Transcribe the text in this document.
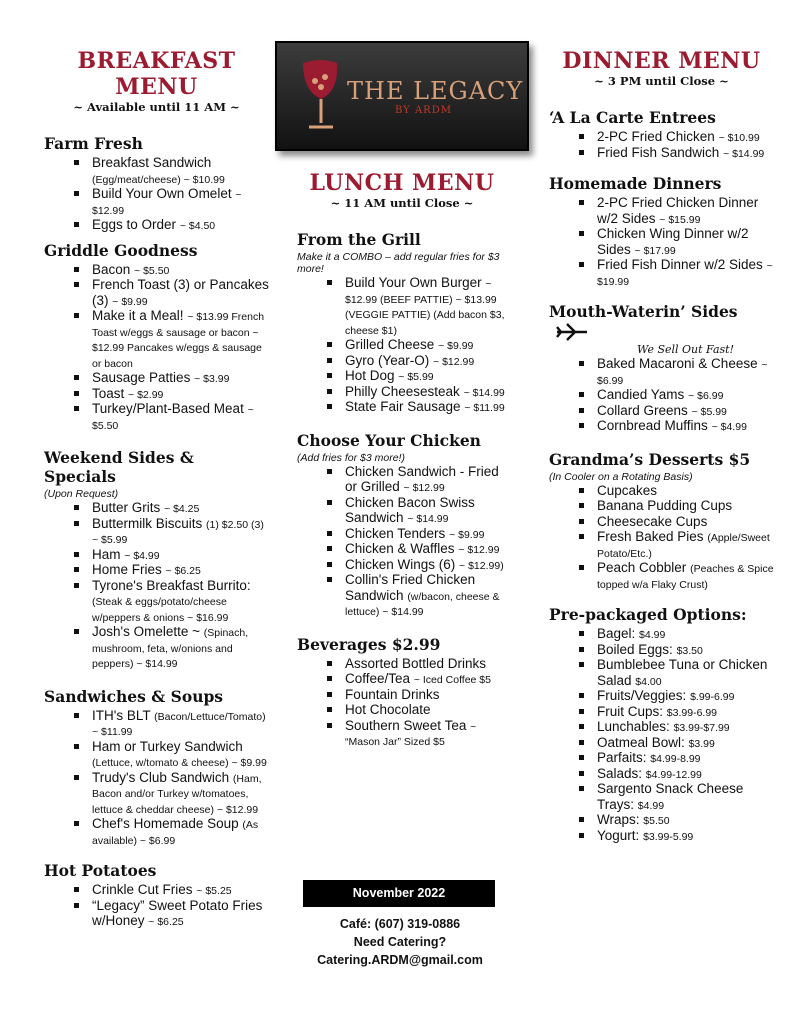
BREAKFAST MENU
~ Available until 11 AM ~
Farm Fresh
Breakfast Sandwich (Egg/meat/cheese) ~ $10.99
Build Your Own Omelet ~ $12.99
Eggs to Order ~ $4.50
Griddle Goodness
Bacon ~ $5.50
French Toast (3) or Pancakes (3) ~ $9.99
Make it a Meal! ~ $13.99 French Toast w/eggs & sausage or bacon ~ $12.99 Pancakes w/eggs & sausage or bacon
Sausage Patties ~ $3.99
Toast ~ $2.99
Turkey/Plant-Based Meat ~ $5.50
Weekend Sides & Specials
(Upon Request)
Butter Grits ~ $4.25
Buttermilk Biscuits (1) $2.50 (3) ~ $5.99
Ham ~ $4.99
Home Fries ~ $6.25
Tyrone's Breakfast Burrito: (Steak & eggs/potato/cheese w/peppers & onions ~ $16.99
Josh's Omelette ~ (Spinach, mushroom, feta, w/onions and peppers) ~ $14.99
Sandwiches & Soups
ITH's BLT (Bacon/Lettuce/Tomato) ~ $11.99
Ham or Turkey Sandwich (Lettuce, w/tomato & cheese) ~ $9.99
Trudy's Club Sandwich (Ham, Bacon and/or Turkey w/tomatoes, lettuce & cheddar cheese) ~ $12.99
Chef's Homemade Soup (As available) ~ $6.99
Hot Potatoes
Crinkle Cut Fries ~ $5.25
“Legacy” Sweet Potato Fries w/Honey ~ $6.25
THE LEGACY
BY ARDM
LUNCH MENU
~ 11 AM until Close ~
From the Grill
Make it a COMBO – add regular fries for $3 more!
Build Your Own Burger ~ $12.99 (BEEF PATTIE) ~ $13.99 (VEGGIE PATTIE) (Add bacon $3, cheese $1)
Grilled Cheese ~ $9.99
Gyro (Year-O) ~ $12.99
Hot Dog ~ $5.99
Philly Cheesesteak ~ $14.99
State Fair Sausage ~ $11.99
Choose Your Chicken
(Add fries for $3 more!)
Chicken Sandwich - Fried or Grilled ~ $12.99
Chicken Bacon Swiss Sandwich ~ $14.99
Chicken Tenders ~ $9.99
Chicken & Waffles ~ $12.99
Chicken Wings (6) ~ $12.99)
Collin's Fried Chicken Sandwich (w/bacon, cheese & lettuce) ~ $14.99
Beverages $2.99
Assorted Bottled Drinks
Coffee/Tea ~ Iced Coffee $5
Fountain Drinks
Hot Chocolate
Southern Sweet Tea ~ “Mason Jar” Sized $5
November 2022
Café: (607) 319-0886
Need Catering?
Catering.ARDM@gmail.com
DINNER MENU
~ 3 PM until Close ~
‘A La Carte Entrees
2-PC Fried Chicken ~ $10.99
Fried Fish Sandwich ~ $14.99
Homemade Dinners
2-PC Fried Chicken Dinner w/2 Sides ~ $15.99
Chicken Wing Dinner w/2 Sides ~ $17.99
Fried Fish Dinner w/2 Sides ~ $19.99
Mouth-Waterin’ Sides
We Sell Out Fast!
Baked Macaroni & Cheese ~ $6.99
Candied Yams ~ $6.99
Collard Greens ~ $5.99
Cornbread Muffins ~ $4.99
Grandma’s Desserts $5
(In Cooler on a Rotating Basis)
Cupcakes
Banana Pudding Cups
Cheesecake Cups
Fresh Baked Pies (Apple/Sweet Potato/Etc.)
Peach Cobbler (Peaches & Spice topped w/a Flaky Crust)
Pre-packaged Options:
Bagel: $4.99
Boiled Eggs: $3.50
Bumblebee Tuna or Chicken Salad $4.00
Fruits/Veggies: $.99-6.99
Fruit Cups: $3.99-6.99
Lunchables: $3.99-$7.99
Oatmeal Bowl: $3.99
Parfaits: $4.99-8.99
Salads: $4.99-12.99
Sargento Snack Cheese Trays: $4.99
Wraps: $5.50
Yogurt: $3.99-5.99
